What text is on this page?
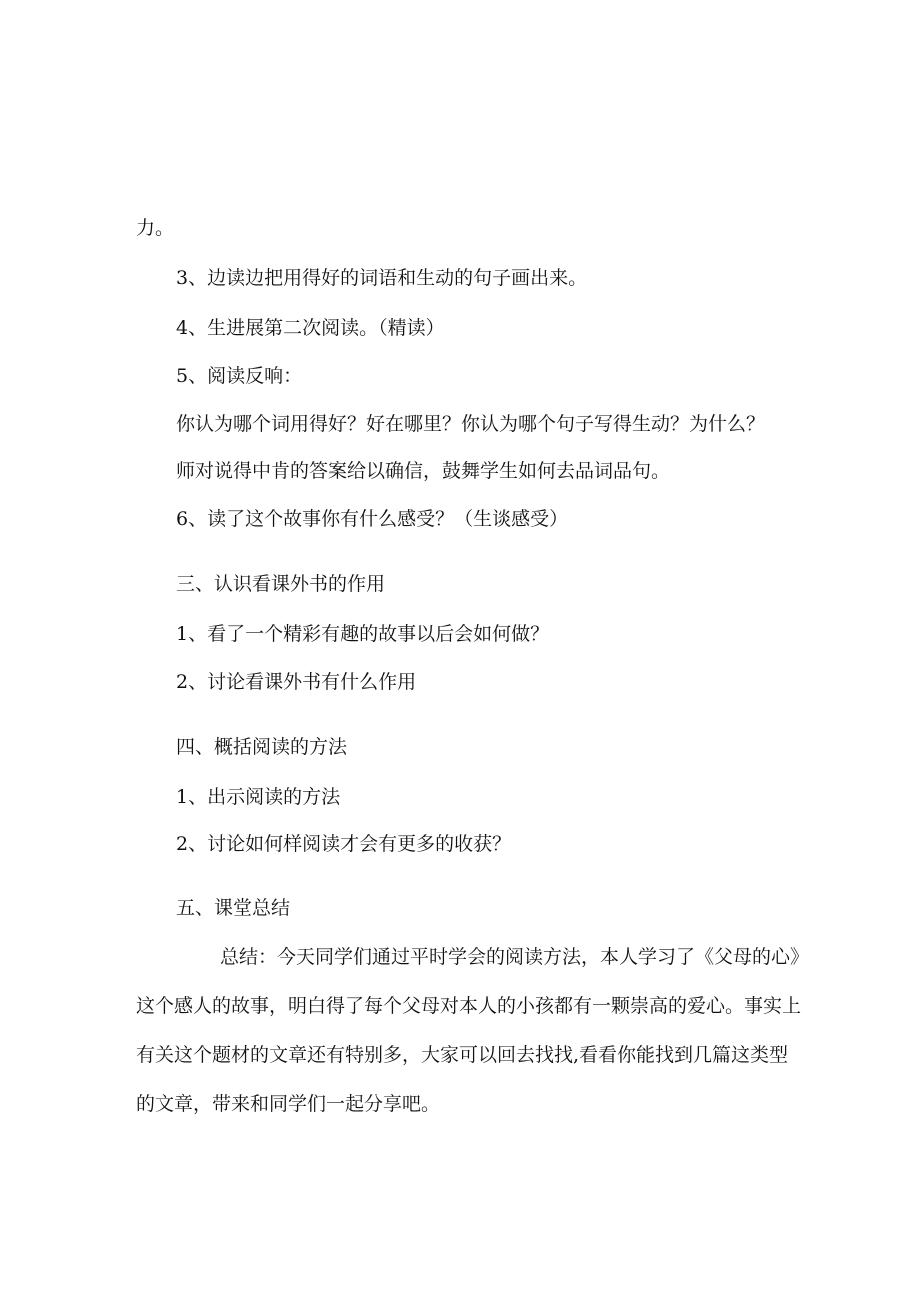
力。
3、边读边把用得好的词语和生动的句子画出来。
4、生进展第二次阅读。（精读）
5、阅读反响：
你认为哪个词用得好？好在哪里？你认为哪个句子写得生动？为什么？
师对说得中肯的答案给以确信，鼓舞学生如何去品词品句。
6、读了这个故事你有什么感受？（生谈感受）
三、认识看课外书的作用
1、看了一个精彩有趣的故事以后会如何做？
2、讨论看课外书有什么作用
四、概括阅读的方法
1、出示阅读的方法
2、讨论如何样阅读才会有更多的收获？
五、课堂总结
总结：今天同学们通过平时学会的阅读方法，本人学习了《父母的心》这个感人的故事，明白得了每个父母对本人的小孩都有一颗崇高的爱心。事实上有关这个题材的文章还有特别多，大家可以回去找找,看看你能找到几篇这类型的文章，带来和同学们一起分享吧。
